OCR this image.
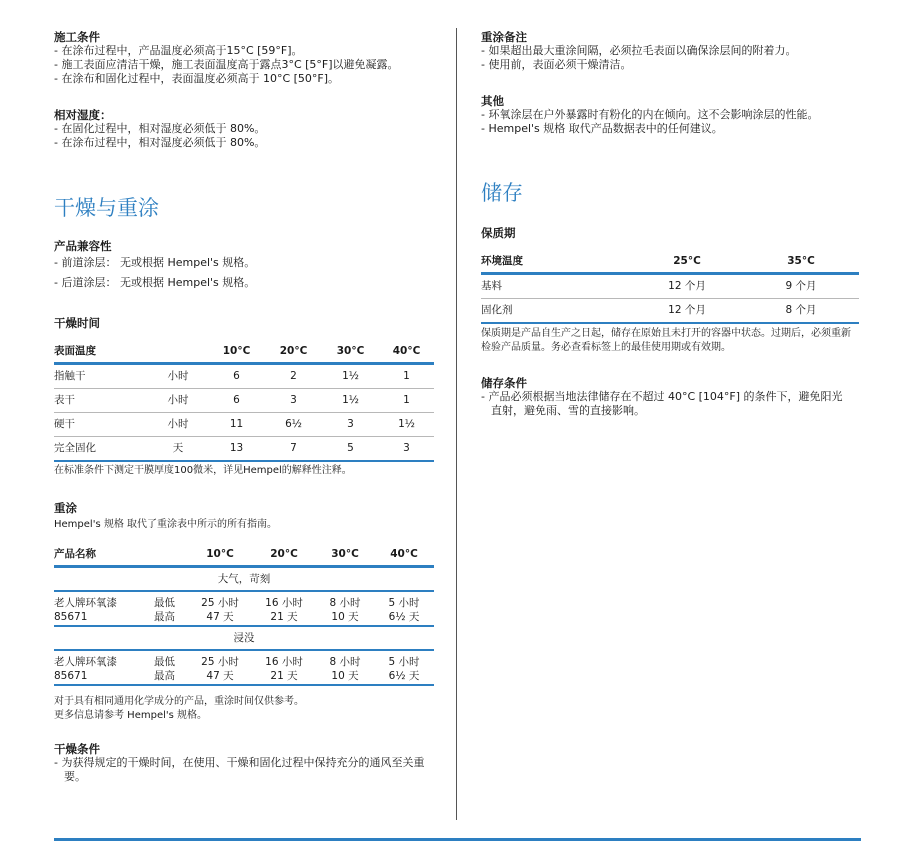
施工条件
- 在涂布过程中，产品温度必须高于15°C [59°F]。
- 施工表面应清洁干燥，施工表面温度高于露点3°C [5°F]以避免凝露。
- 在涂布和固化过程中，表面温度必须高于 10°C [50°F]。
相对湿度：
- 在固化过程中，相对湿度必须低于 80%。
- 在涂布过程中，相对湿度必须低于 80%。
干燥与重涂
产品兼容性
- 前道涂层： 无或根据 Hempel's 规格。
- 后道涂层： 无或根据 Hempel's 规格。
干燥时间
表面温度		10°C	20°C	30°C	40°C
指触干	小时	6	2	1½	1
表干	小时	6	3	1½	1
硬干	小时	11	6½	3	1½
完全固化	天	13	7	5	3
在标准条件下测定干膜厚度100微米，详见Hempel的解释性注释。
重涂
Hempel's 规格 取代了重涂表中所示的所有指南。
产品名称		10°C	20°C	30°C	40°C
大气，苛刻					
老人牌环氧漆	最低	25 小时	16 小时	8 小时	5 小时
85671	最高	47 天	21 天	10 天	6½ 天
浸没					
老人牌环氧漆	最低	25 小时	16 小时	8 小时	5 小时
85671	最高	47 天	21 天	10 天	6½ 天
对于具有相同通用化学成分的产品，重涂时间仅供参考。
更多信息请参考 Hempel's 规格。
干燥条件
- 为获得规定的干燥时间，在使用、干燥和固化过程中保持充分的通风至关重要。
重涂备注
- 如果超出最大重涂间隔，必须拉毛表面以确保涂层间的附着力。
- 使用前，表面必须干燥清洁。
其他
- 环氧涂层在户外暴露时有粉化的内在倾向。这不会影响涂层的性能。
- Hempel's 规格 取代产品数据表中的任何建议。
储存
保质期
环境温度	25°C	35°C
基料	12 个月	9 个月
固化剂	12 个月	8 个月
保质期是产品自生产之日起，储存在原始且未打开的容器中状态。过期后，必须重新检验产品质量。务必查看标签上的最佳使用期或有效期。
储存条件
- 产品必须根据当地法律储存在不超过 40°C [104°F] 的条件下，避免阳光直射，避免雨、雪的直接影响。
